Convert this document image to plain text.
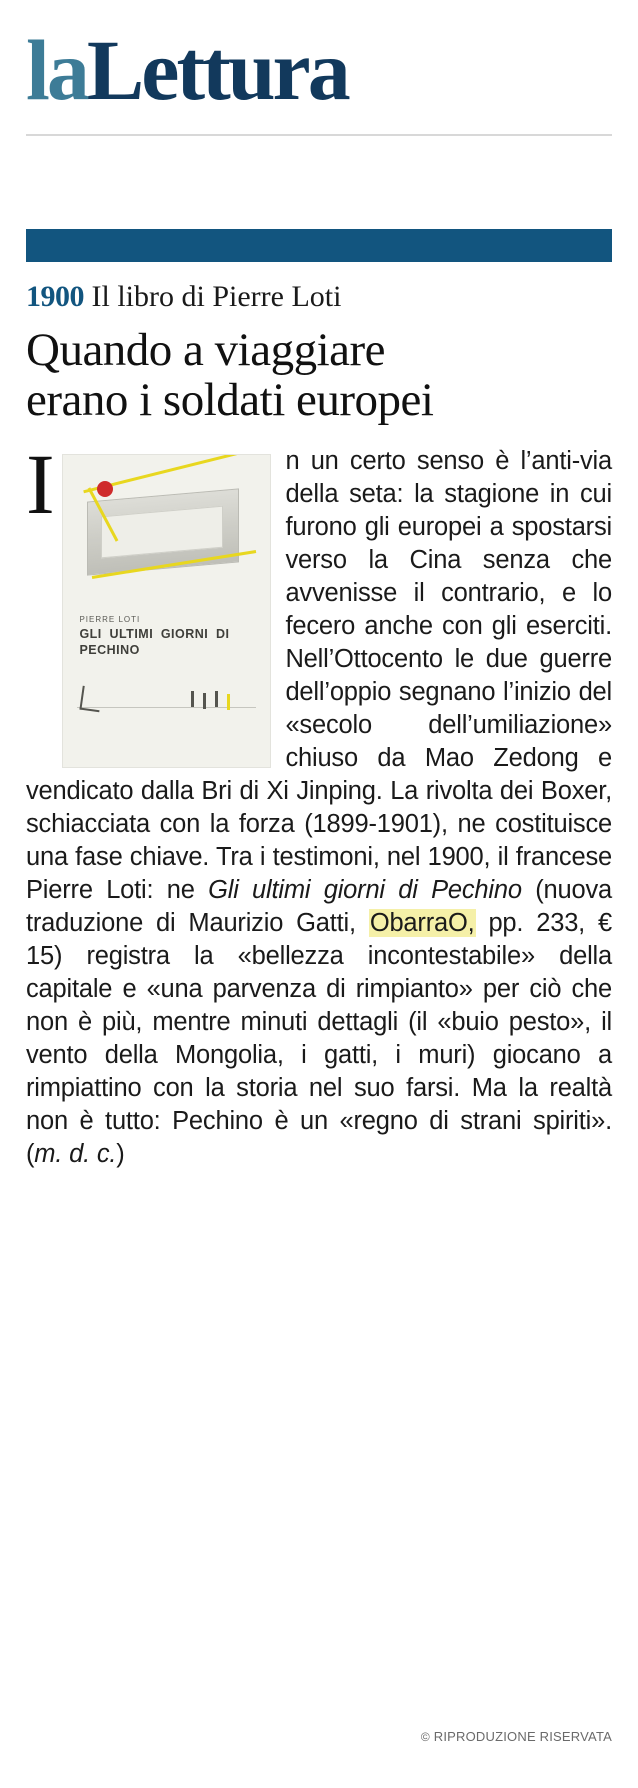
laLettura
1900 Il libro di Pierre Loti
Quando a viaggiare
erano i soldati europei
I
PIERRE LOTI
GLI ULTIMI GIORNI DI PECHINO

n un certo senso è l’anti-via della seta: la stagione in cui furono gli europei a spostarsi verso la Cina senza che avvenisse il contrario, e lo fecero anche con gli eserciti. Nell’Ottocento le due guerre dell’oppio segnano l’inizio del «secolo dell’umiliazione» chiuso da Mao Zedong e vendicato dalla Bri di Xi Jinping. La rivolta dei Boxer, schiacciata con la forza (1899-1901), ne costituisce una fase chiave. Tra i testimoni, nel 1900, il francese Pierre Loti: ne Gli ultimi giorni di Pechino (nuova traduzione di Maurizio Gatti, ObarraO, pp. 233, € 15) registra la «bellezza incontestabile» della capitale e «una parvenza di rimpianto» per ciò che non è più, mentre minuti dettagli (il «buio pesto», il vento della Mongolia, i gatti, i muri) giocano a rimpiattino con la storia nel suo farsi. Ma la realtà non è tutto: Pechino è un «regno di strani spiriti». (m. d. c.)

© RIPRODUZIONE RISERVATA
